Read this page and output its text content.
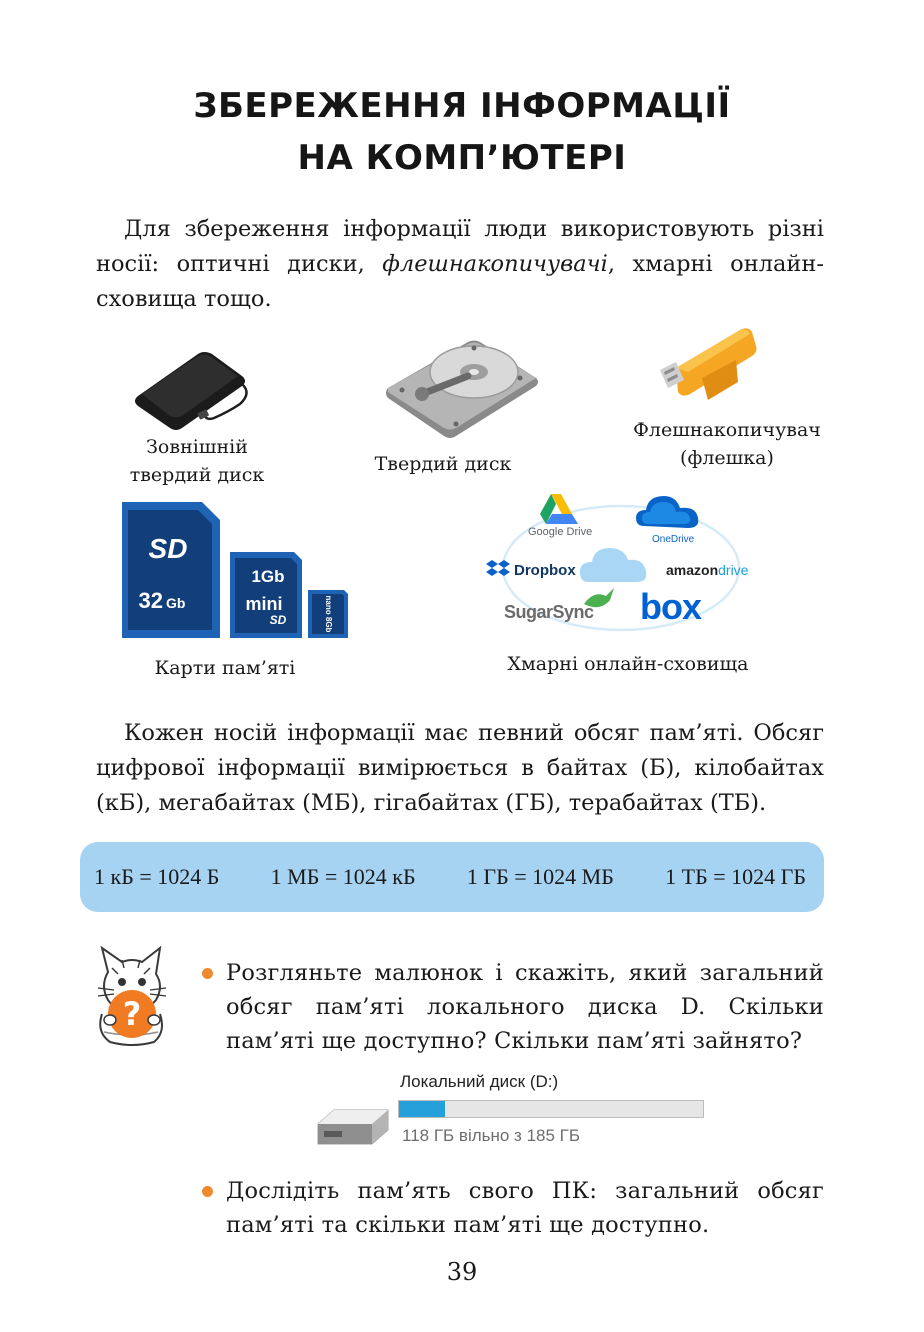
ЗБЕРЕЖЕННЯ ІНФОРМАЦІЇ
НА КОМП’ЮТЕРІ
Для збереження інформації люди використовують різні носії: оптичні диски, флешнакопичувачі, хмарні онлайн-сховища тощо.
Зовнішній
твердий диск	Твердий диск
Флешнакопичувач
(флешка)
SD
32 Gb
1Gb
mini
SD	nano 8Gb
Карти пам’яті
Google Drive
OneDrive
Dropbox	amazondrive
SugarSync box
Хмарні онлайн-сховища
Кожен носій інформації має певний обсяг пам’яті. Обсяг цифрової інформації вимірюється в байтах (Б), кілобайтах (кБ), мегабайтах (МБ), гігабайтах (ГБ), терабайтах (ТБ).
1 кБ = 1024 Б 1 МБ = 1024 кБ 1 ГБ = 1024 МБ 1 ТБ = 1024 ГБ
?
Розгляньте малюнок і скажіть, який загальний обсяг пам’яті локального диска D. Скільки пам’яті ще доступно? Скільки пам’яті зайнято?
Локальний диск (D:)
118 ГБ вільно з 185 ГБ
Дослідіть пам’ять свого ПК: загальний обсяг пам’яті та скільки пам’яті ще доступно.
39
